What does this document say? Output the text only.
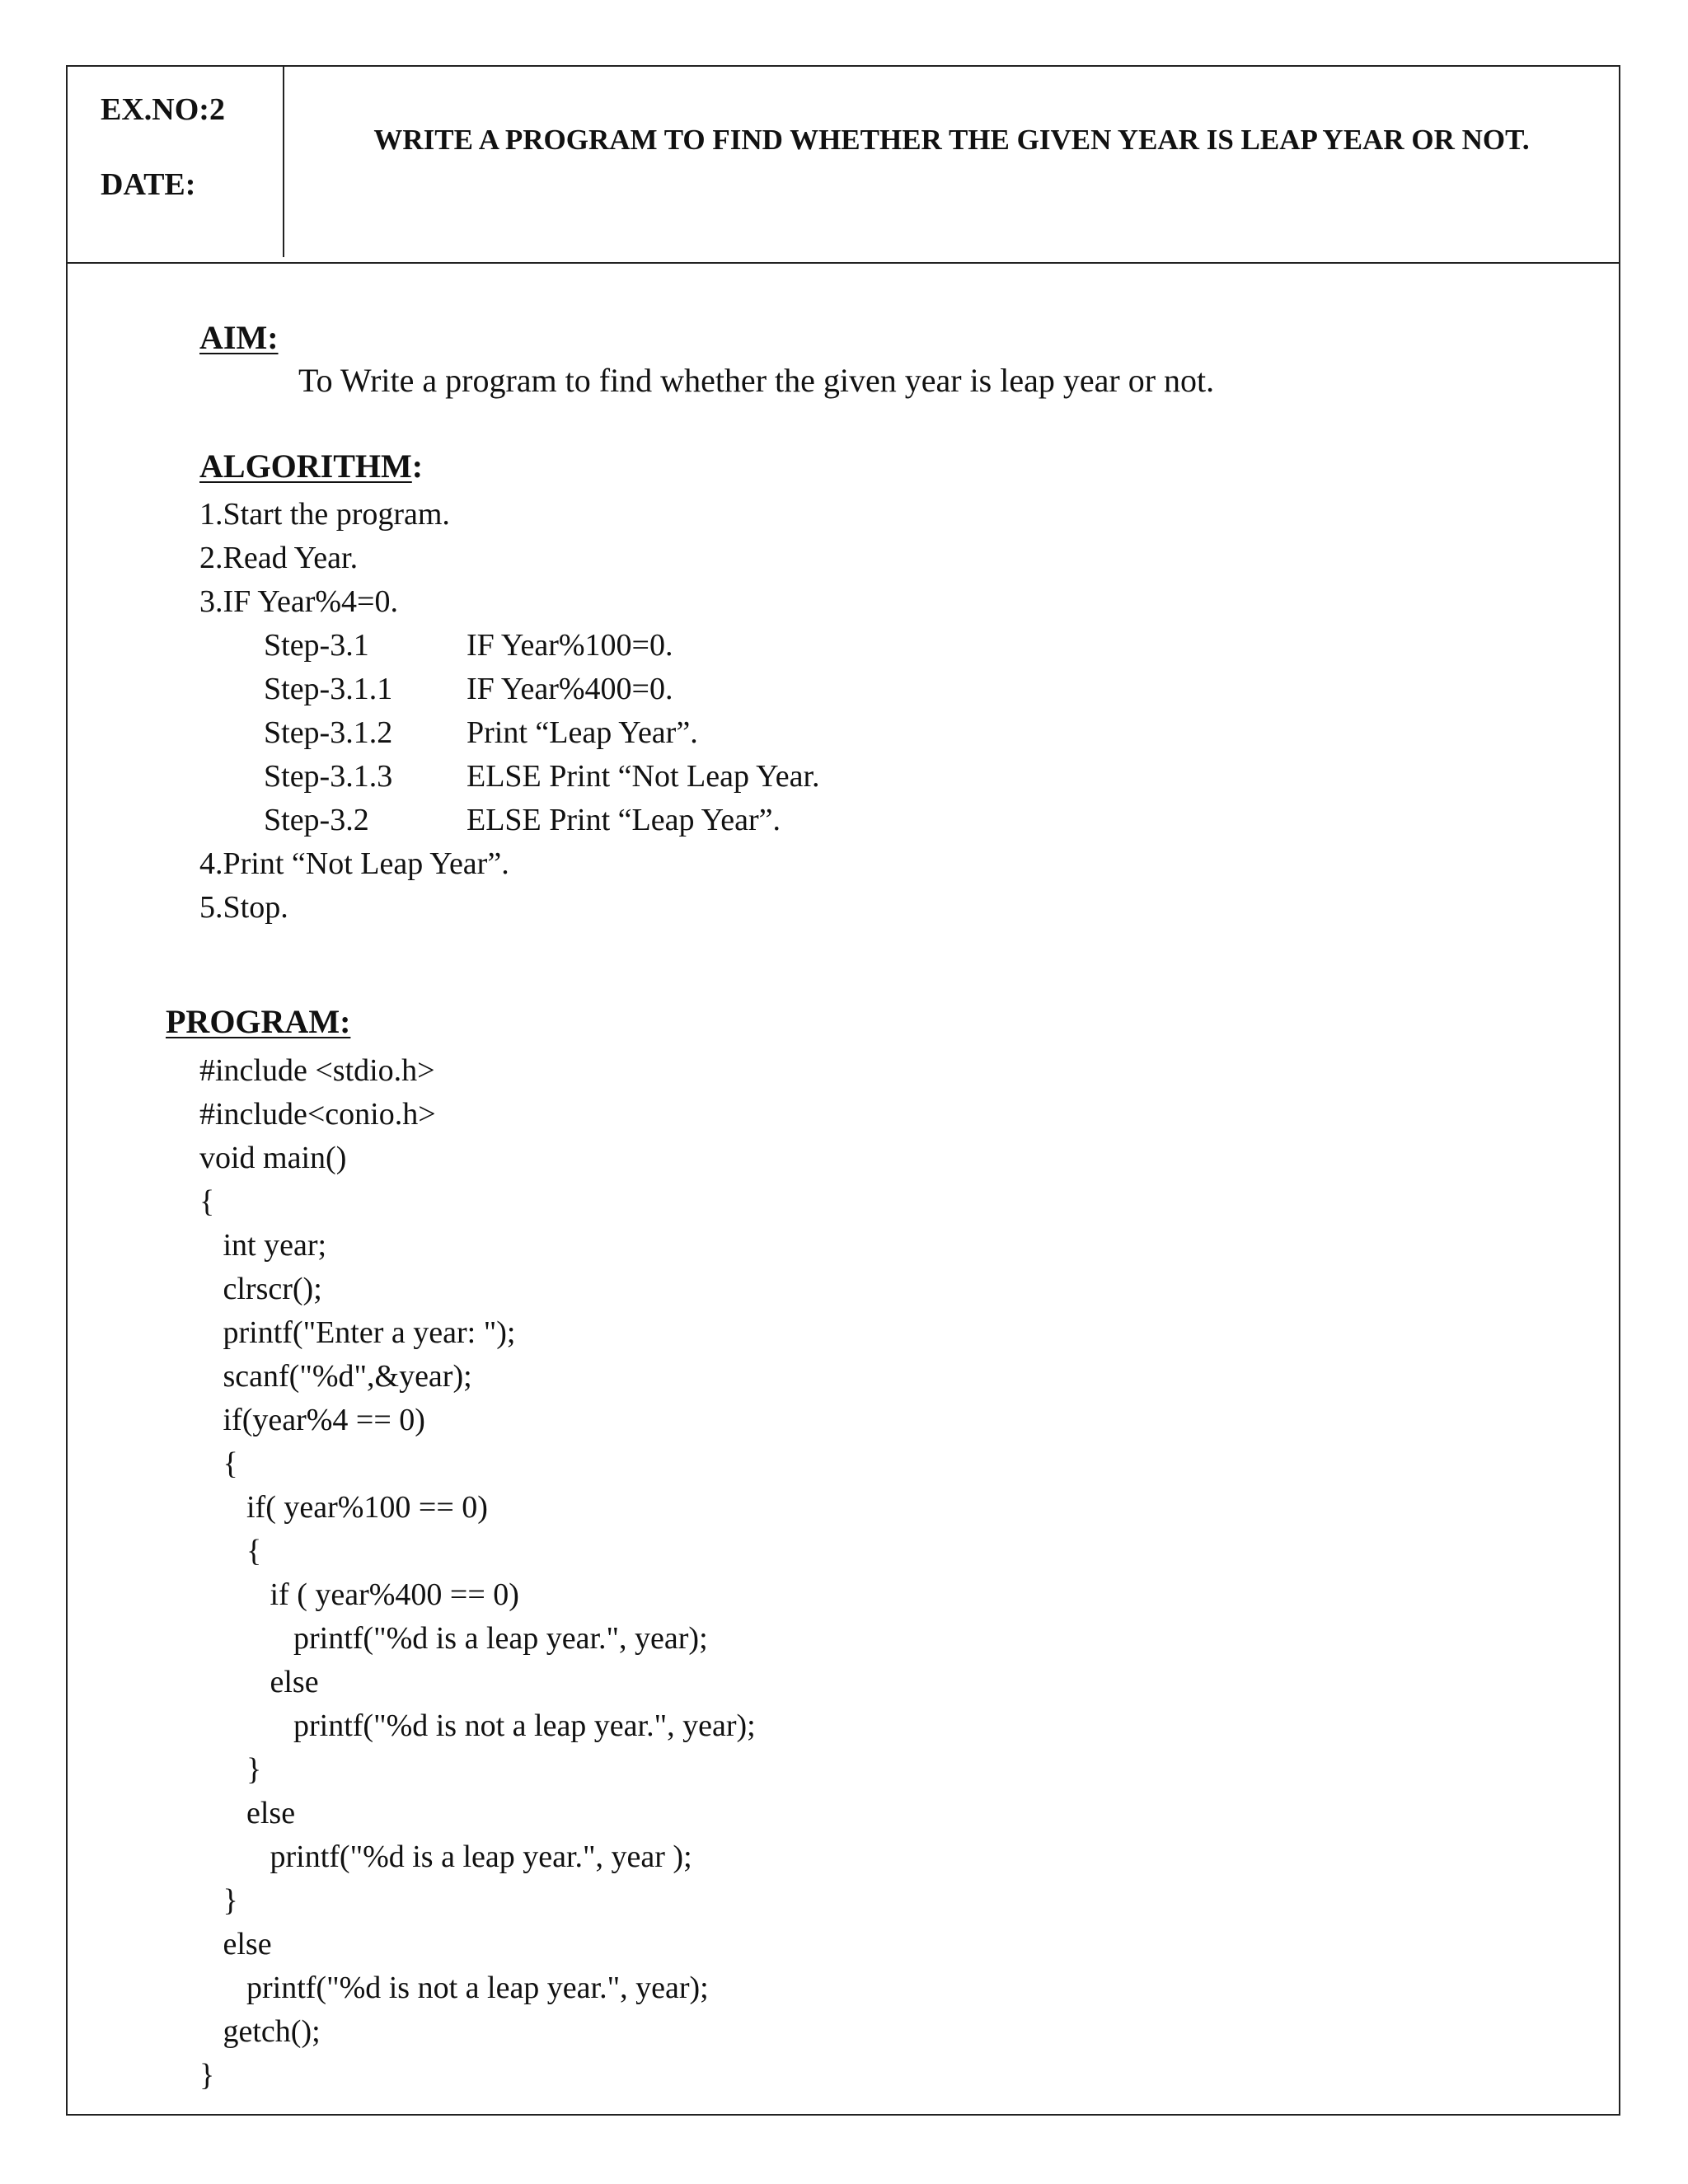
EX.NO:2
DATE:
WRITE A PROGRAM TO FIND WHETHER THE GIVEN YEAR IS LEAP YEAR OR NOT.
AIM:
To Write a program to find whether the given year is leap year or not.
ALGORITHM:
1.Start the program.
2.Read Year.
3.IF Year%4=0.
Step-3.1	IF Year%100=0.
Step-3.1.1	IF Year%400=0.
Step-3.1.2	Print “Leap Year”.
Step-3.1.3	ELSE Print “Not Leap Year.
Step-3.2	ELSE Print “Leap Year”.
4.Print “Not Leap Year”.
5.Stop.
PROGRAM:
#include <stdio.h>
#include<conio.h>
void main()
{
int year;
clrscr();
printf("Enter a year: ");
scanf("%d",&year);
if(year%4 == 0)
{
if( year%100 == 0)
{
if ( year%400 == 0)
printf("%d is a leap year.", year);
else
printf("%d is not a leap year.", year);
}
else
printf("%d is a leap year.", year );
}
else
printf("%d is not a leap year.", year);
getch();
}
